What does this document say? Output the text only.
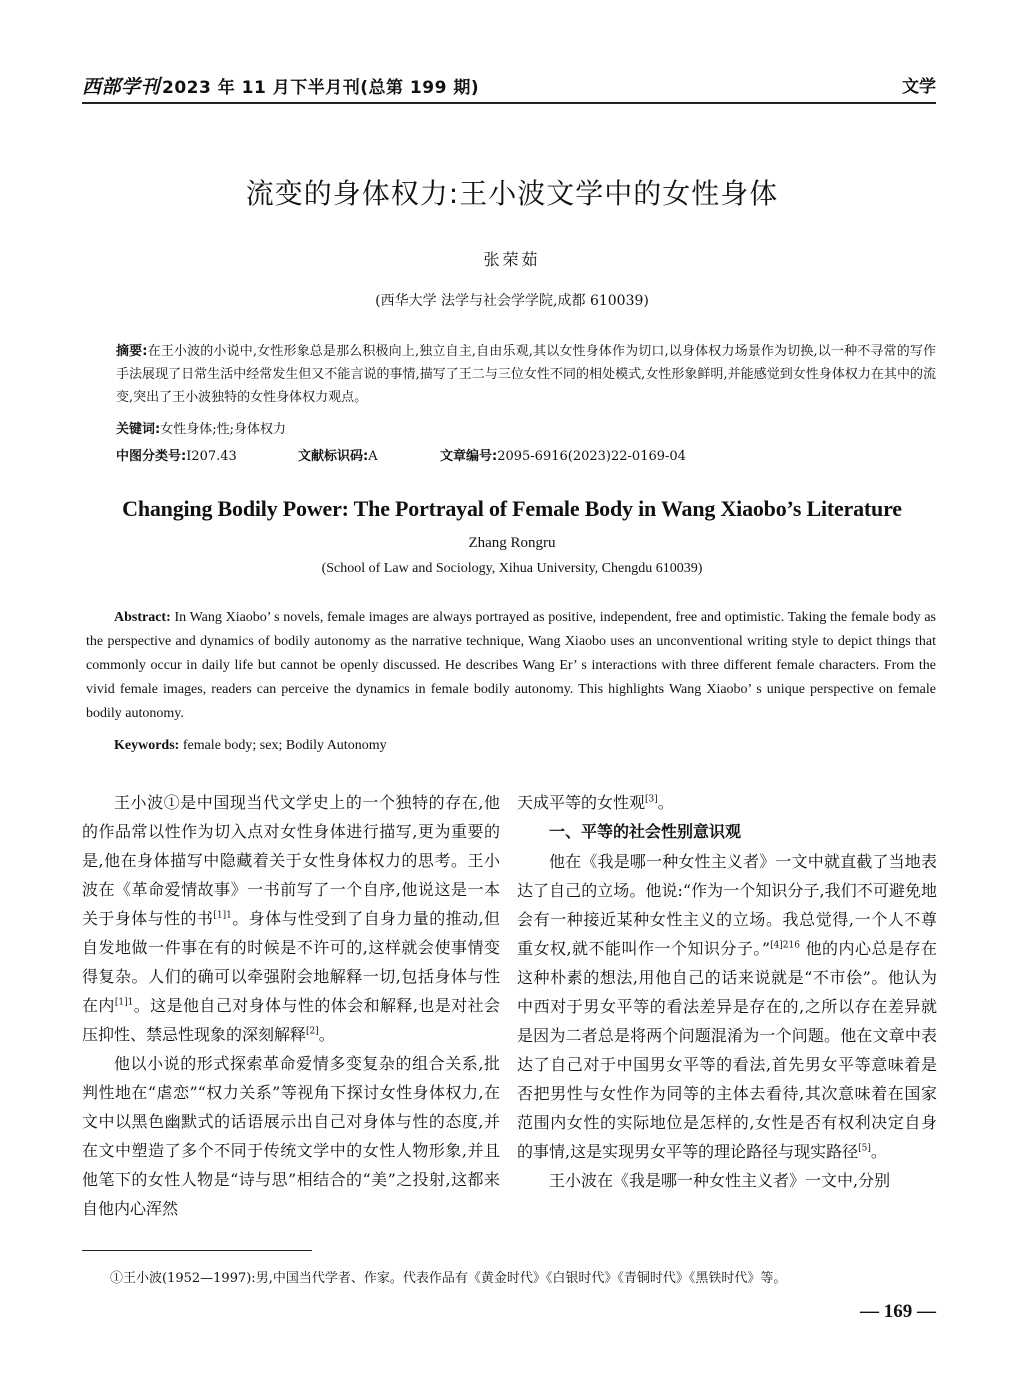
西部学刊 2023 年 11 月下半月刊(总第 199 期)	文学
流变的身体权力:王小波文学中的女性身体
张荣茹
(西华大学 法学与社会学学院,成都 610039)
摘要:在王小波的小说中,女性形象总是那么积极向上,独立自主,自由乐观,其以女性身体作为切口,以身体权力场景作为切换,以一种不寻常的写作手法展现了日常生活中经常发生但又不能言说的事情,描写了王二与三位女性不同的相处模式,女性形象鲜明,并能感觉到女性身体权力在其中的流变,突出了王小波独特的女性身体权力观点。
关键词:女性身体;性;身体权力
中图分类号:I207.43	文献标识码:A	文章编号:2095-6916(2023)22-0169-04
Changing Bodily Power: The Portrayal of Female Body in Wang Xiaobo’s Literature
Zhang Rongru
(School of Law and Sociology, Xihua University, Chengdu 610039)
Abstract: In Wang Xiaobo’ s novels, female images are always portrayed as positive, independent, free and optimistic. Taking the female body as the perspective and dynamics of bodily autonomy as the narrative technique, Wang Xiaobo uses an unconventional writing style to depict things that commonly occur in daily life but cannot be openly discussed. He describes Wang Er’ s interactions with three different female characters. From the vivid female images, readers can perceive the dynamics in female bodily autonomy. This highlights Wang Xiaobo’ s unique perspective on female bodily autonomy.
Keywords: female body; sex; Bodily Autonomy

王小波①是中国现当代文学史上的一个独特的存在,他的作品常以性作为切入点对女性身体进行描写,更为重要的是,他在身体描写中隐藏着关于女性身体权力的思考。王小波在《革命爱情故事》一书前写了一个自序,他说这是一本关于身体与性的书$^{[1]1}$。身体与性受到了自身力量的推动,但自发地做一件事在有的时候是不许可的,这样就会使事情变得复杂。人们的确可以牵强附会地解释一切,包括身体与性在内$^{[1]1}$。这是他自己对身体与性的体会和解释,也是对社会压抑性、禁忌性现象的深刻解释[2]。

他以小说的形式探索革命爱情多变复杂的组合关系,批判性地在“虐恋”“权力关系”等视角下探讨女性身体权力,在文中以黑色幽默式的话语展示出自己对身体与性的态度,并在文中塑造了多个不同于传统文学中的女性人物形象,并且他笔下的女性人物是“诗与思”相结合的“美”之投射,这都来自他内心浑然

天成平等的女性观[3]。

一、平等的社会性别意识观

他在《我是哪一种女性主义者》一文中就直截了当地表达了自己的立场。他说:“作为一个知识分子,我们不可避免地会有一种接近某种女性主义的立场。我总觉得,一个人不尊重女权,就不能叫作一个知识分子。”$^{[4]216}$ 他的内心总是存在这种朴素的想法,用他自己的话来说就是“不市侩”。他认为中西对于男女平等的看法差异是存在的,之所以存在差异就是因为二者总是将两个问题混淆为一个问题。他在文章中表达了自己对于中国男女平等的看法,首先男女平等意味着是否把男性与女性作为同等的主体去看待,其次意味着在国家范围内女性的实际地位是怎样的,女性是否有权利决定自身的事情,这是实现男女平等的理论路径与现实路径[5]。

王小波在《我是哪一种女性主义者》一文中,分别

①王小波(1952—1997):男,中国当代学者、作家。代表作品有《黄金时代》《白银时代》《青铜时代》《黑铁时代》等。
— 169 —
